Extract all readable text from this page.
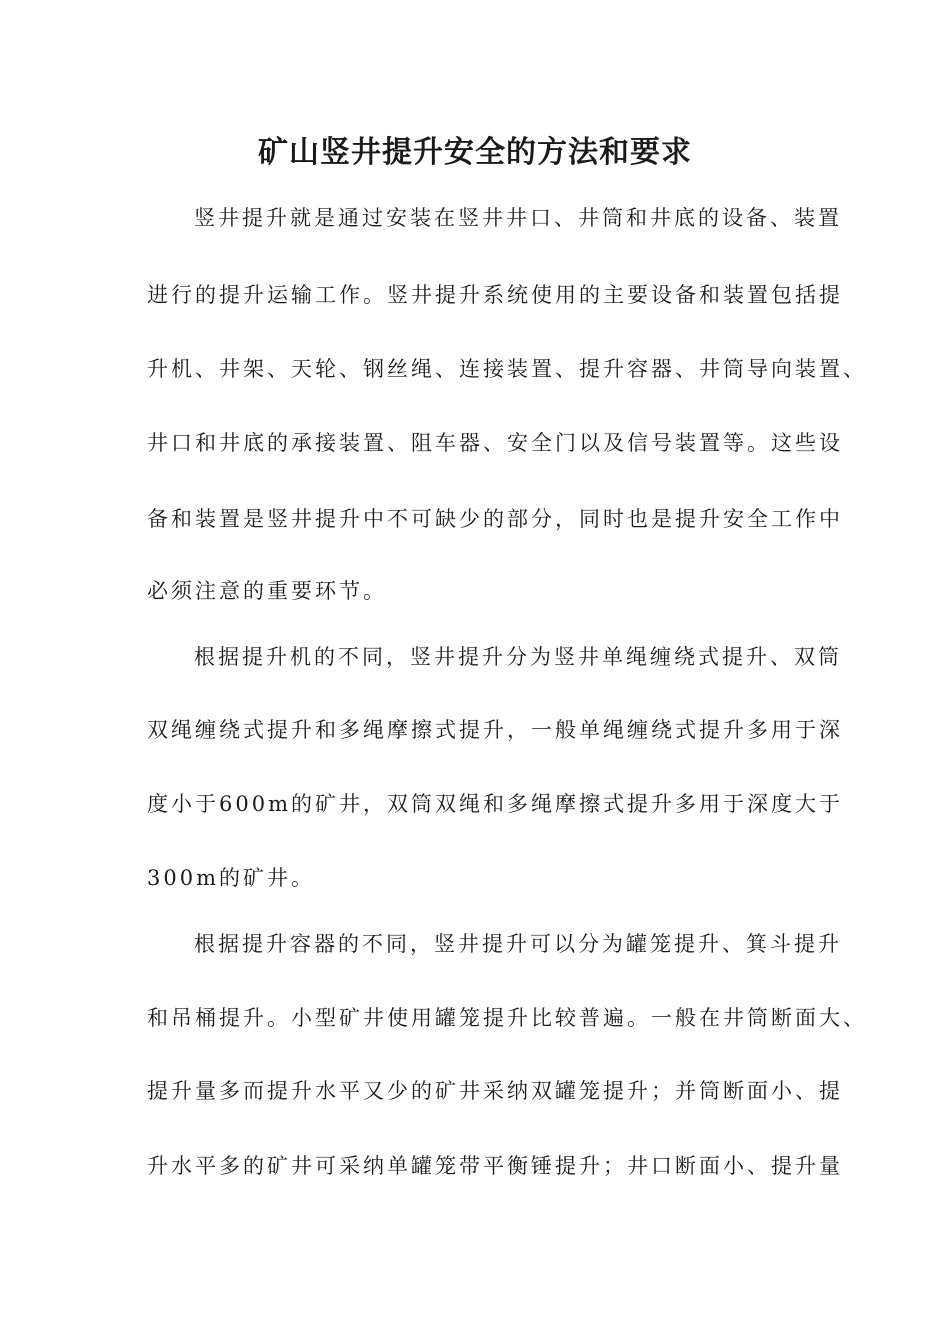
矿山竖井提升安全的方法和要求

竖井提升就是通过安装在竖井井口、井筒和井底的设备、装置

进行的提升运输工作。竖井提升系统使用的主要设备和装置包括提

升机、井架、天轮、钢丝绳、连接装置、提升容器、井筒导向装置、

井口和井底的承接装置、阻车器、安全门以及信号装置等。这些设

备和装置是竖井提升中不可缺少的部分，同时也是提升安全工作中

必须注意的重要环节。

根据提升机的不同，竖井提升分为竖井单绳缠绕式提升、双筒

双绳缠绕式提升和多绳摩擦式提升，一般单绳缠绕式提升多用于深

度小于600m的矿井，双筒双绳和多绳摩擦式提升多用于深度大于

300m的矿井。

根据提升容器的不同，竖井提升可以分为罐笼提升、箕斗提升

和吊桶提升。小型矿井使用罐笼提升比较普遍。一般在井筒断面大、

提升量多而提升水平又少的矿井采纳双罐笼提升；并筒断面小、提

升水平多的矿井可采纳单罐笼带平衡锤提升；井口断面小、提升量
